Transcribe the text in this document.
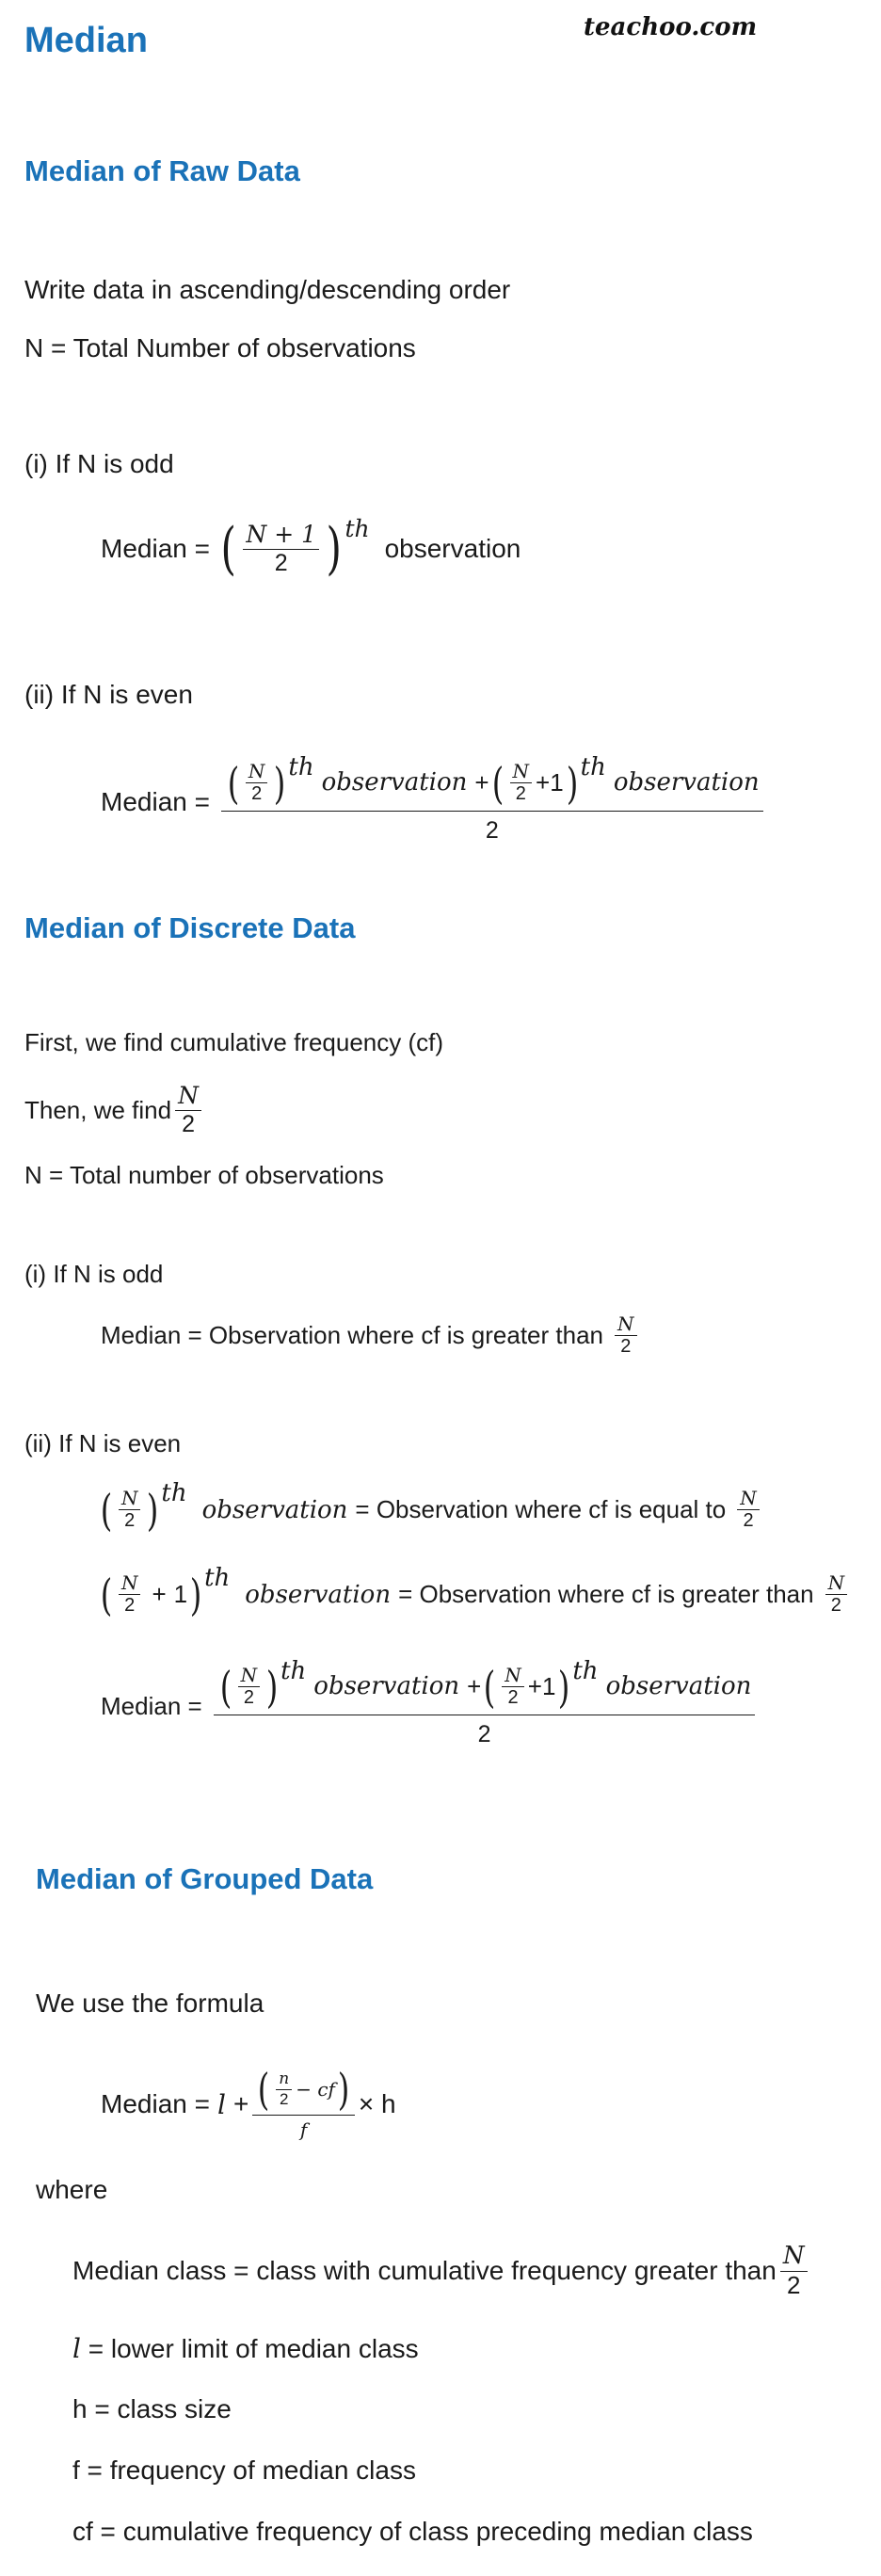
Median	teachoo.com
Median of Raw Data
Write data in ascending/descending order
N = Total Number of observations
(i) If N is odd
Median = ( $\frac{N + 1}{2} )^{th}$
observation
(ii) If N is even
Median = ( $\frac{N}{2} )^{th}$
observation + ( $\frac{N}{2} + 1$ )$^{th}$
observation
2
Median of Discrete Data
First, we find cumulative frequency (cf)
Then, we find $\frac{N}{2}$
N = Total number of observations
(i) If N is odd
Median = Observation where cf is greater than $\frac{N}{2}$
(ii) If N is even
( $\frac{N}{2} )^{th}$
observation = Observation where cf is equal to $\frac{N}{2}$
( $\frac{N}{2} + 1$ )$^{th}$
observation = Observation where cf is greater than $\frac{N}{2}$
Median = ( $\frac{N}{2} )^{th}$
observation + ( $\frac{N}{2} + 1$ )$^{th}$
observation
2
Median of Grouped Data
We use the formula
Median = $l + \frac{( \frac{n}{2} - cf )}{f} \times h$
where
Median class = class with cumulative frequency greater than $\frac{N}{2}$
l = lower limit of median class
h = class size
f = frequency of median class
cf = cumulative frequency of class preceding median class
